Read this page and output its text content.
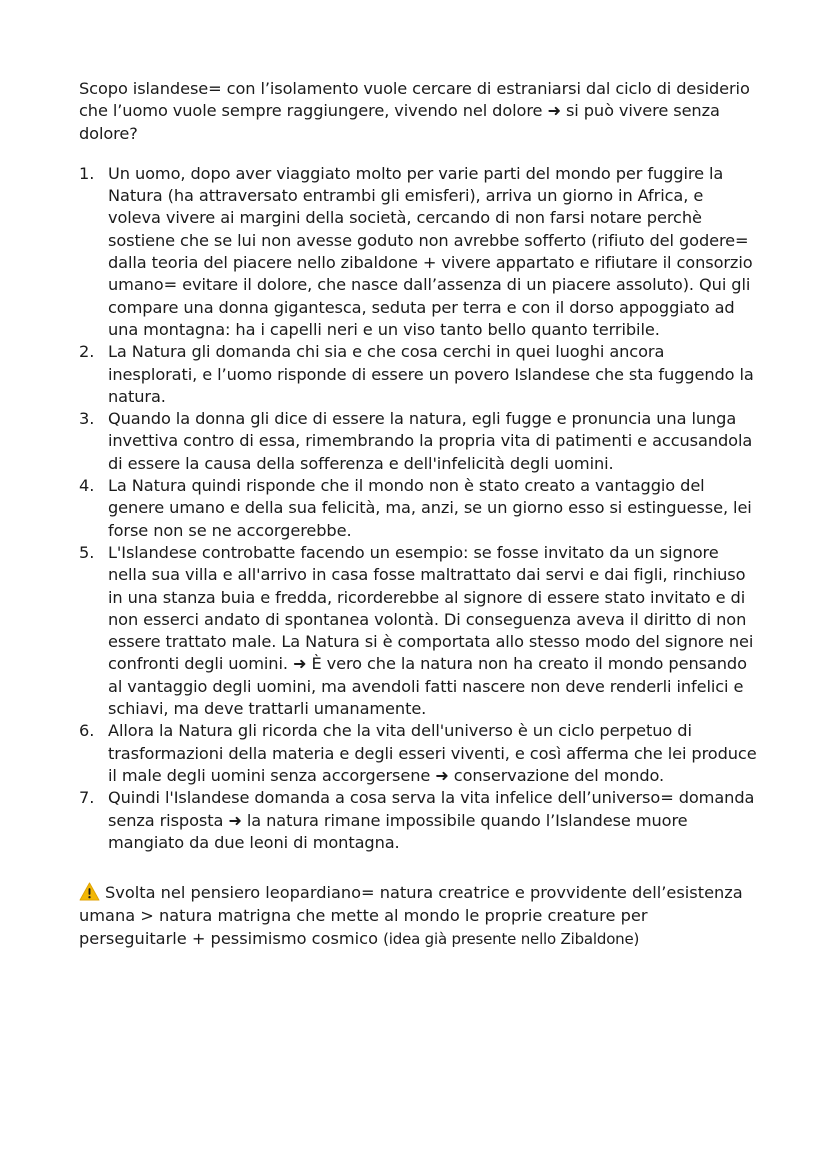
Scopo islandese= con l’isolamento vuole cercare di estraniarsi dal ciclo di desiderio che l’uomo vuole sempre raggiungere, vivendo nel dolore ➜ si può vivere senza dolore?

1. Un uomo, dopo aver viaggiato molto per varie parti del mondo per fuggire la Natura (ha attraversato entrambi gli emisferi), arriva un giorno in Africa, e voleva vivere ai margini della società, cercando di non farsi notare perchè sostiene che se lui non avesse goduto non avrebbe sofferto (rifiuto del godere= dalla teoria del piacere nello zibaldone + vivere appartato e rifiutare il consorzio umano= evitare il dolore, che nasce dall’assenza di un piacere assoluto). Qui gli compare una donna gigantesca, seduta per terra e con il dorso appoggiato ad una montagna: ha i capelli neri e un viso tanto bello quanto terribile.
2. La Natura gli domanda chi sia e che cosa cerchi in quei luoghi ancora inesplorati, e l’uomo risponde di essere un povero Islandese che sta fuggendo la natura.
3. Quando la donna gli dice di essere la natura, egli fugge e pronuncia una lunga invettiva contro di essa, rimembrando la propria vita di patimenti e accusandola di essere la causa della sofferenza e dell'infelicità degli uomini.
4. La Natura quindi risponde che il mondo non è stato creato a vantaggio del genere umano e della sua felicità, ma, anzi, se un giorno esso si estinguesse, lei forse non se ne accorgerebbe.
5. L'Islandese controbatte facendo un esempio: se fosse invitato da un signore nella sua villa e all'arrivo in casa fosse maltrattato dai servi e dai figli, rinchiuso in una stanza buia e fredda, ricorderebbe al signore di essere stato invitato e di non esserci andato di spontanea volontà. Di conseguenza aveva il diritto di non essere trattato male. La Natura si è comportata allo stesso modo del signore nei confronti degli uomini. ➜ È vero che la natura non ha creato il mondo pensando al vantaggio degli uomini, ma avendoli fatti nascere non deve renderli infelici e schiavi, ma deve trattarli umanamente.
6. Allora la Natura gli ricorda che la vita dell'universo è un ciclo perpetuo di trasformazioni della materia e degli esseri viventi, e così afferma che lei produce il male degli uomini senza accorgersene ➜ conservazione del mondo.
7. Quindi l'Islandese domanda a cosa serva la vita infelice dell’universo= domanda senza risposta ➜ la natura rimane impossibile quando l’Islandese muore mangiato da due leoni di montagna.

Svolta nel pensiero leopardiano= natura creatrice e provvidente dell’esistenza umana > natura matrigna che mette al mondo le proprie creature per perseguitarle + pessimismo cosmico (idea già presente nello Zibaldone)
